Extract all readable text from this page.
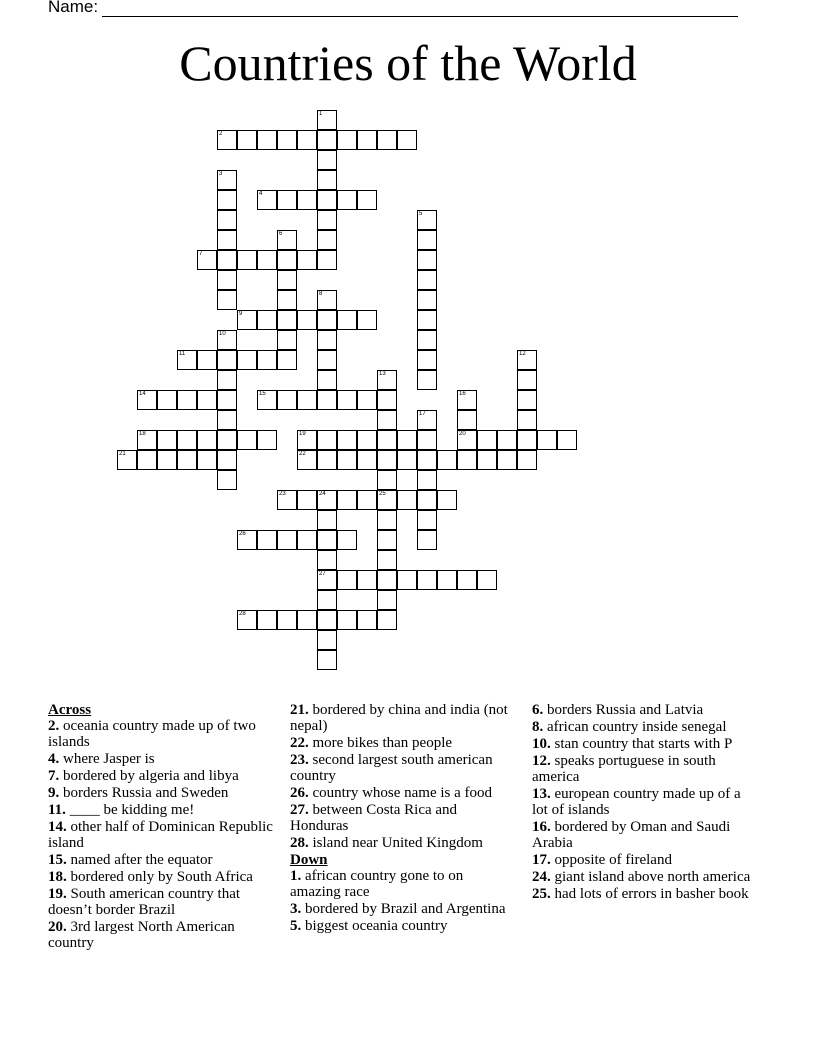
Name:
Countries of the World
1
2
3
4
5
6
7
8
9
10
11	12
13
25
14	15	16
20
17
18	19
21	22
23	24
27
26
28
Across
2. oceania country made up of two islands
4. where Jasper is
7. bordered by algeria and libya
9. borders Russia and Sweden
11. ____ be kidding me!
14. other half of Dominican Republic island
15. named after the equator
18. bordered only by South Africa
19. South american country that doesn’t border Brazil
20. 3rd largest North American country
21. bordered by china and india (not nepal)
22. more bikes than people
23. second largest south american country
26. country whose name is a food
27. between Costa Rica and Honduras
28. island near United Kingdom
Down
1. african country gone to on amazing race
3. bordered by Brazil and Argentina
5. biggest oceania country
6. borders Russia and Latvia
8. african country inside senegal
10. stan country that starts with P
12. speaks portuguese in south america
13. european country made up of a lot of islands
16. bordered by Oman and Saudi Arabia
17. opposite of fireland
24. giant island above north america
25. had lots of errors in basher book
